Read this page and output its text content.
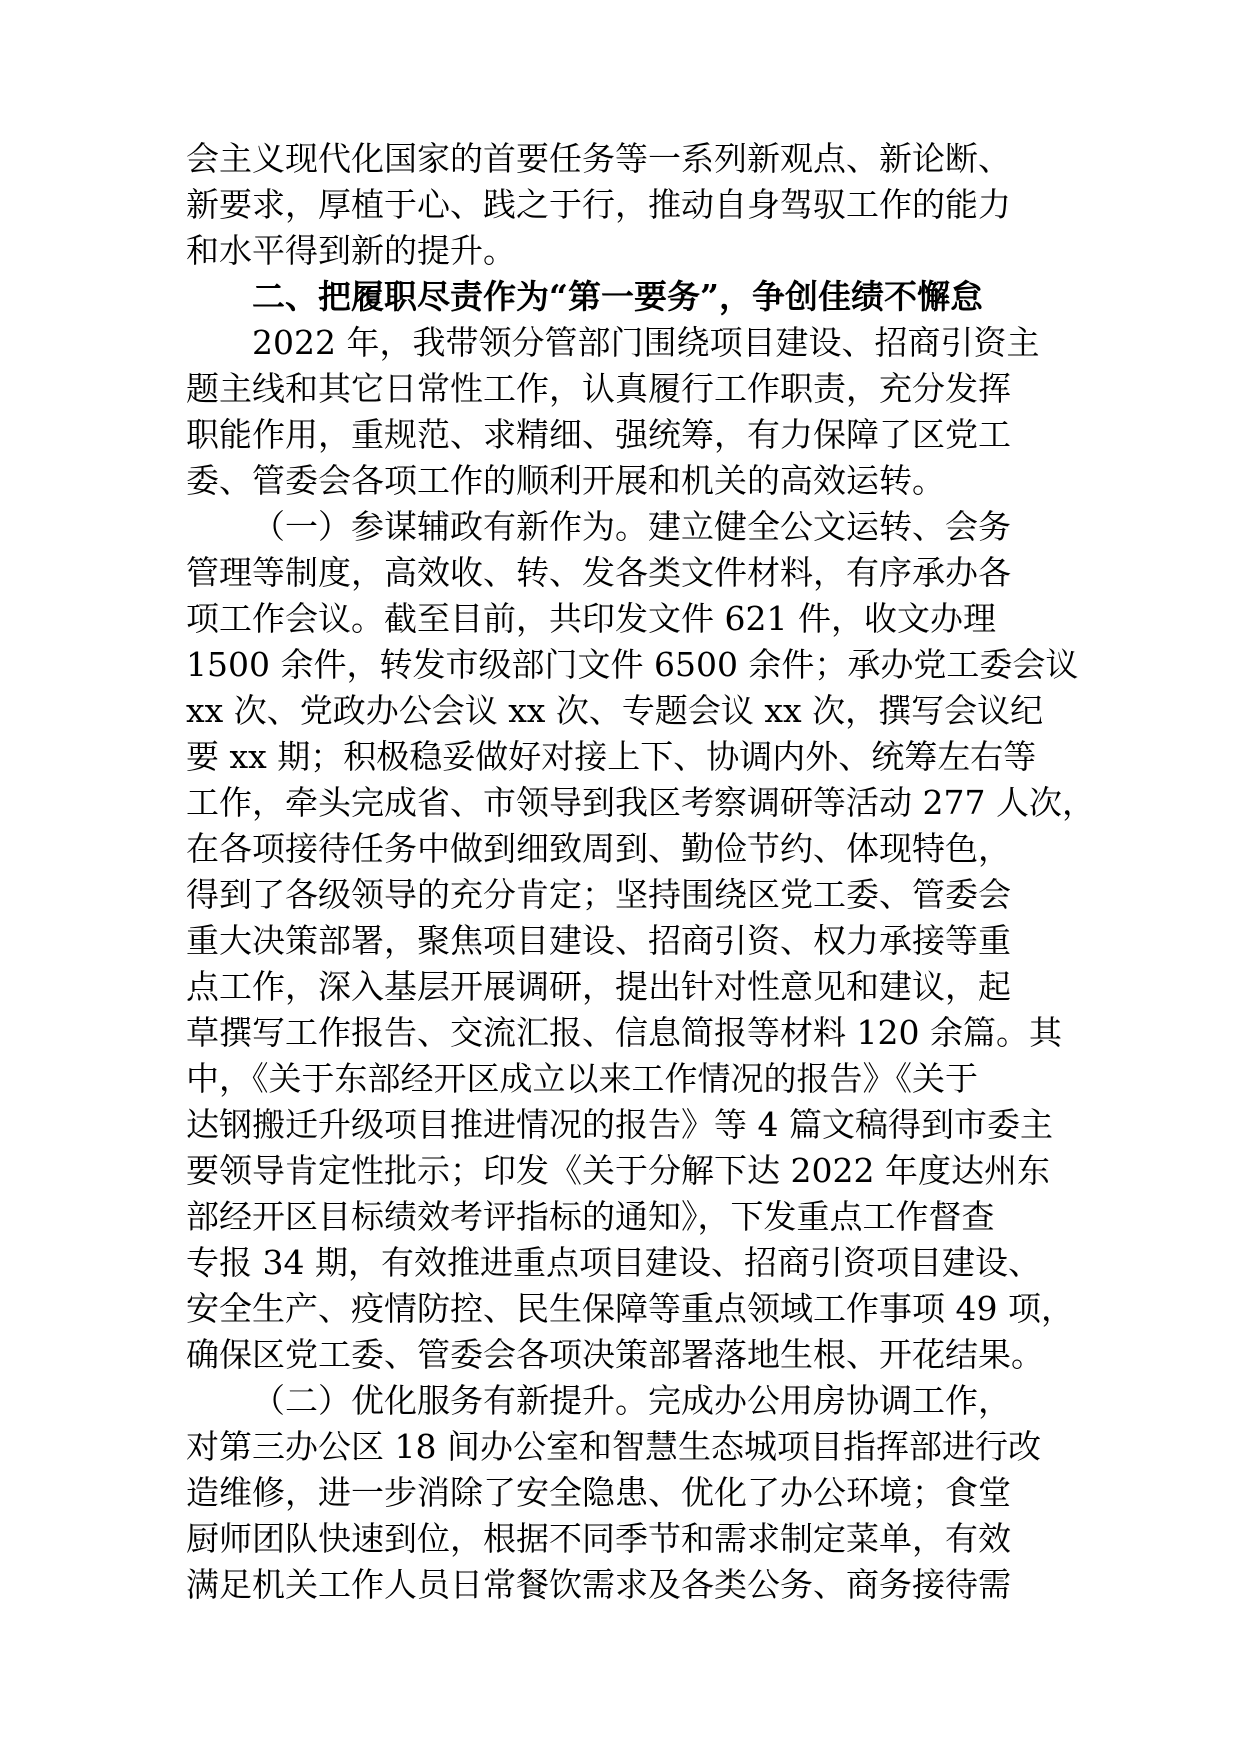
会主义现代化国家的首要任务等一系列新观点、新论断、
新要求，厚植于心、践之于行，推动自身驾驭工作的能力
和水平得到新的提升。
二、把履职尽责作为“第一要务”，争创佳绩不懈怠
2022 年，我带领分管部门围绕项目建设、招商引资主
题主线和其它日常性工作，认真履行工作职责，充分发挥
职能作用，重规范、求精细、强统筹，有力保障了区党工
委、管委会各项工作的顺利开展和机关的高效运转。
（一）参谋辅政有新作为。建立健全公文运转、会务
管理等制度，高效收、转、发各类文件材料，有序承办各
项工作会议。截至目前，共印发文件 621 件，收文办理
1500 余件，转发市级部门文件 6500 余件；承办党工委会议
xx 次、党政办公会议 xx 次、专题会议 xx 次，撰写会议纪
要 xx 期；积极稳妥做好对接上下、协调内外、统筹左右等
工作，牵头完成省、市领导到我区考察调研等活动 277 人次，
在各项接待任务中做到细致周到、勤俭节约、体现特色，
得到了各级领导的充分肯定；坚持围绕区党工委、管委会
重大决策部署，聚焦项目建设、招商引资、权力承接等重
点工作，深入基层开展调研，提出针对性意见和建议，起
草撰写工作报告、交流汇报、信息简报等材料 120 余篇。其
中，《关于东部经开区成立以来工作情况的报告》《关于
达钢搬迁升级项目推进情况的报告》等 4 篇文稿得到市委主
要领导肯定性批示；印发《关于分解下达 2022 年度达州东
部经开区目标绩效考评指标的通知》，下发重点工作督查
专报 34 期，有效推进重点项目建设、招商引资项目建设、
安全生产、疫情防控、民生保障等重点领域工作事项 49 项，
确保区党工委、管委会各项决策部署落地生根、开花结果。
（二）优化服务有新提升。完成办公用房协调工作，
对第三办公区 18 间办公室和智慧生态城项目指挥部进行改
造维修，进一步消除了安全隐患、优化了办公环境；食堂
厨师团队快速到位，根据不同季节和需求制定菜单，有效
满足机关工作人员日常餐饮需求及各类公务、商务接待需
